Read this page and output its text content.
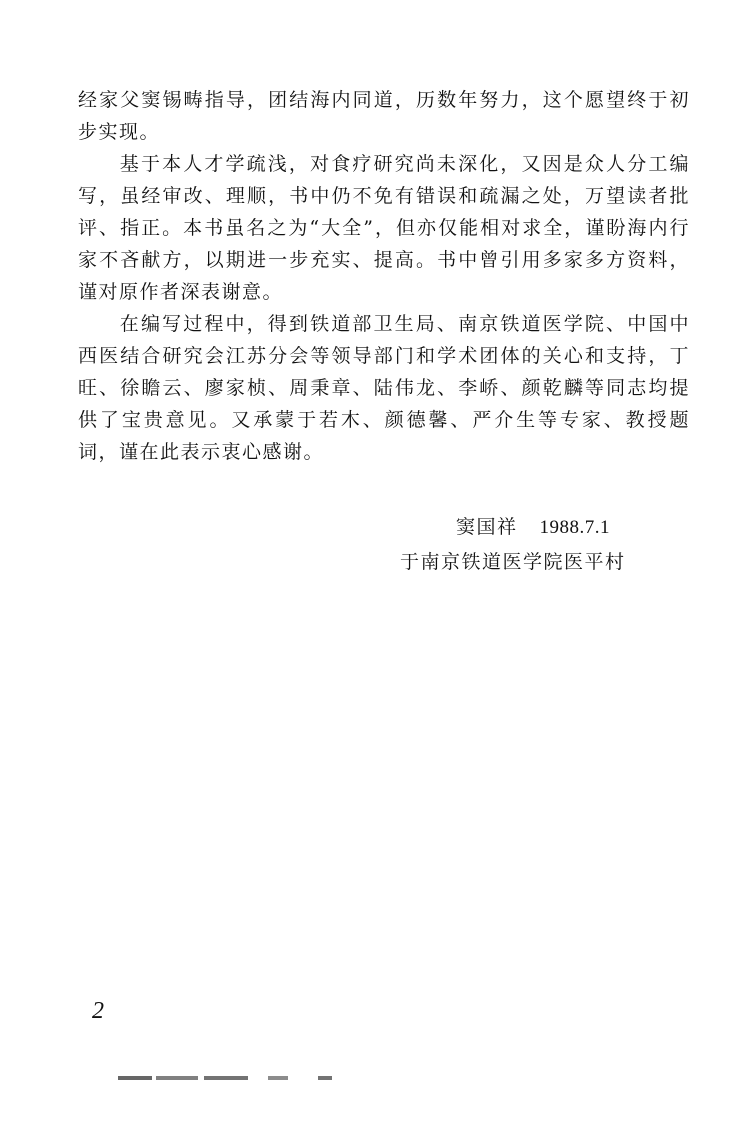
经家父窦锡畴指导，团结海内同道，历数年努力，这个愿望终于初步实现。

基于本人才学疏浅，对食疗研究尚未深化，又因是众人分工编写，虽经审改、理顺，书中仍不免有错误和疏漏之处，万望读者批评、指正。本书虽名之为“大全”，但亦仅能相对求全，谨盼海内行家不吝献方，以期进一步充实、提高。书中曾引用多家多方资料，谨对原作者深表谢意。

在编写过程中，得到铁道部卫生局、南京铁道医学院、中国中西医结合研究会江苏分会等领导部门和学术团体的关心和支持，丁旺、徐瞻云、廖家桢、周秉章、陆伟龙、李峤、颜乾麟等同志均提供了宝贵意见。又承蒙于若木、颜德馨、严介生等专家、教授题词，谨在此表示衷心感谢。

窦国祥 1988.7.1
于南京铁道医学院医平村
2
